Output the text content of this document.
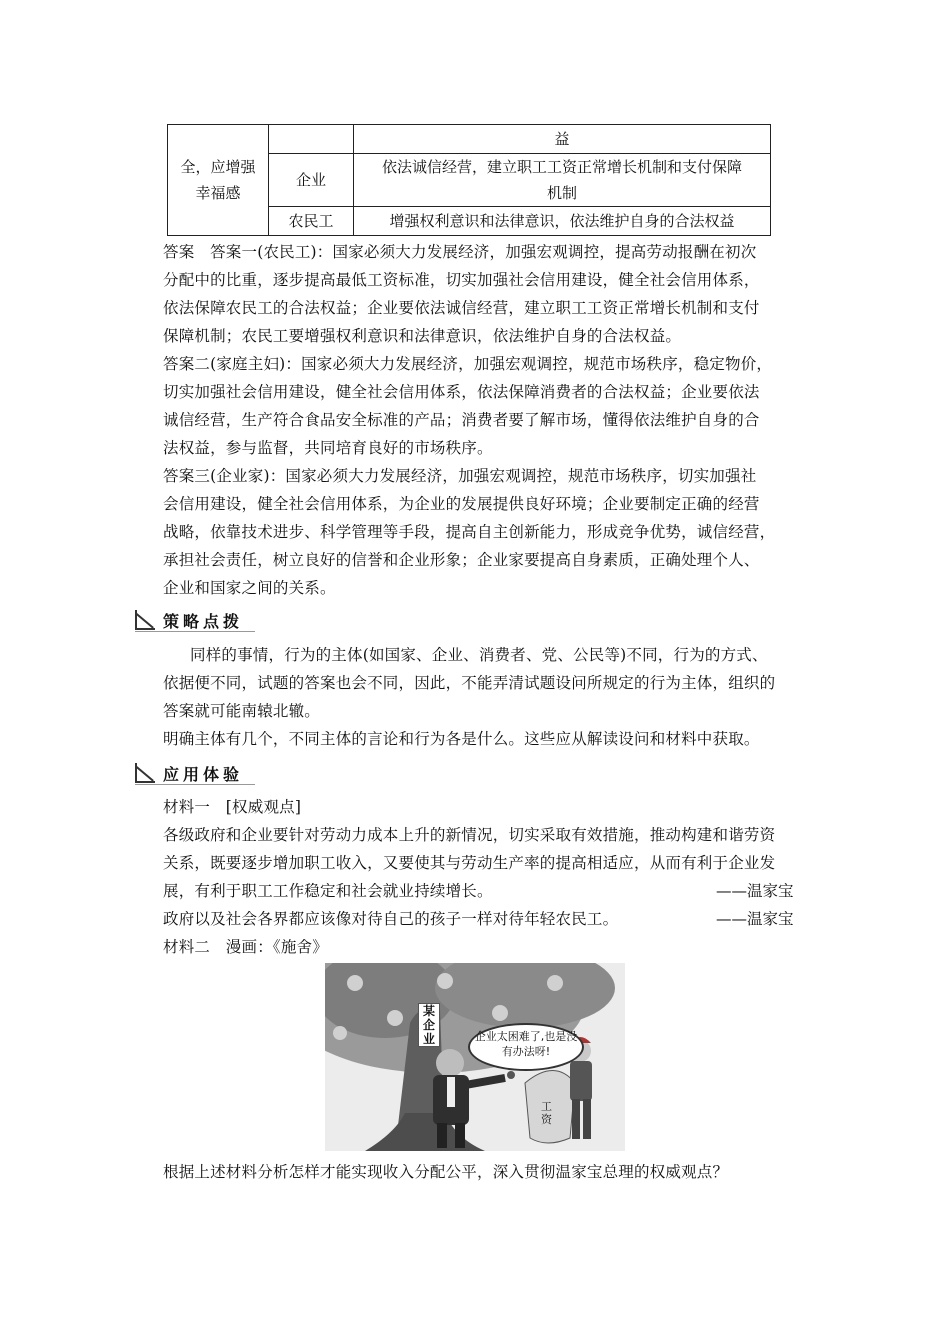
全，应增强
幸福感		益
	企业	依法诚信经营，建立职工工资正常增长机制和支付保障
机制

	农民工	增强权利意识和法律意识，依法维护自身的合法权益
答案　答案一(农民工)：国家必须大力发展经济，加强宏观调控，提高劳动报酬在初次
分配中的比重，逐步提高最低工资标准，切实加强社会信用建设，健全社会信用体系，
依法保障农民工的合法权益；企业要依法诚信经营，建立职工工资正常增长机制和支付
保障机制；农民工要增强权利意识和法律意识，依法维护自身的合法权益。
答案二(家庭主妇)：国家必须大力发展经济，加强宏观调控，规范市场秩序，稳定物价，
切实加强社会信用建设，健全社会信用体系，依法保障消费者的合法权益；企业要依法
诚信经营，生产符合食品安全标准的产品；消费者要了解市场，懂得依法维护自身的合
法权益，参与监督，共同培育良好的市场秩序。
答案三(企业家)：国家必须大力发展经济，加强宏观调控，规范市场秩序，切实加强社
会信用建设，健全社会信用体系，为企业的发展提供良好环境；企业要制定正确的经营
战略，依靠技术进步、科学管理等手段，提高自主创新能力，形成竞争优势，诚信经营，
承担社会责任，树立良好的信誉和企业形象；企业家要提高自身素质，正确处理个人、
企业和国家之间的关系。
策略点拨
同样的事情，行为的主体(如国家、企业、消费者、党、公民等)不同，行为的方式、
依据便不同，试题的答案也会不同，因此，不能弄清试题设问所规定的行为主体，组织的
答案就可能南辕北辙。
明确主体有几个，不同主体的言论和行为各是什么。这些应从解读设问和材料中获取。
应用体验
材料一　[权威观点]
各级政府和企业要针对劳动力成本上升的新情况，切实采取有效措施，推动构建和谐劳资
关系，既要逐步增加职工收入，又要使其与劳动生产率的提高相适应，从而有利于企业发
展，有利于职工工作稳定和社会就业持续增长。	——温家宝
政府以及社会各界都应该像对待自己的孩子一样对待年轻农民工。	——温家宝
材料二　漫画：《施舍》
某企业	企业太困难了,也是没有办法呀!
工资
根据上述材料分析怎样才能实现收入分配公平，深入贯彻温家宝总理的权威观点？
